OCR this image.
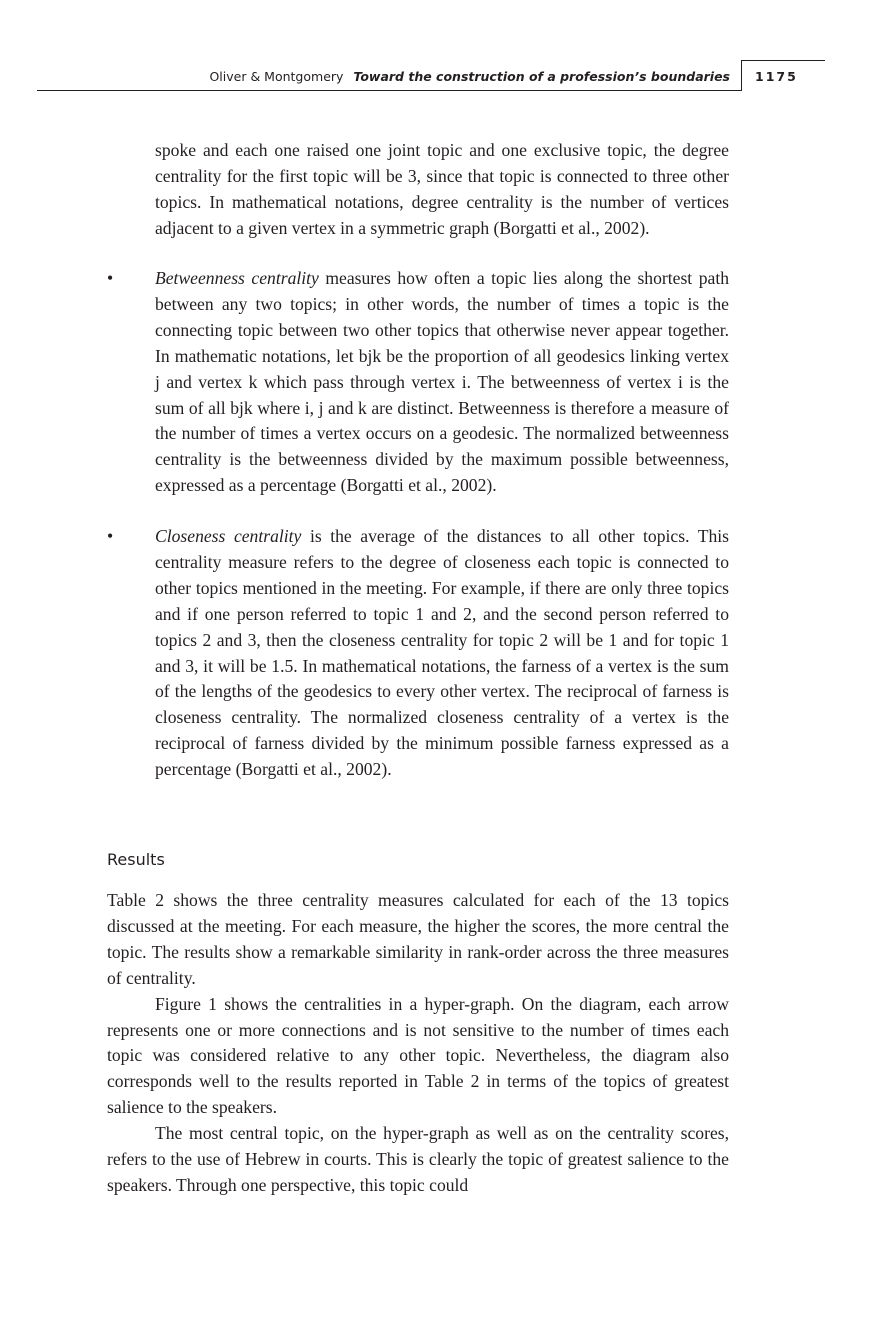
Oliver & Montgomery Toward the construction of a profession’s boundaries 1175
spoke and each one raised one joint topic and one exclusive topic, the degree centrality for the first topic will be 3, since that topic is connected to three other topics. In mathematical notations, degree centrality is the number of vertices adjacent to a given vertex in a symmetric graph (Borgatti et al., 2002).
•	Betweenness centrality measures how often a topic lies along the shortest path between any two topics; in other words, the number of times a topic is the connecting topic between two other topics that otherwise never appear together. In mathematic notations, let bjk be the proportion of all geodesics linking vertex j and vertex k which pass through vertex i. The betweenness of vertex i is the sum of all bjk where i, j and k are distinct. Betweenness is therefore a measure of the number of times a vertex occurs on a geodesic. The normalized betweenness centrality is the betweenness divided by the maximum possible betweenness, expressed as a percentage (Borgatti et al., 2002).
•	Closeness centrality is the average of the distances to all other topics. This centrality measure refers to the degree of closeness each topic is connected to other topics mentioned in the meeting. For example, if there are only three topics and if one person referred to topic 1 and 2, and the second person referred to topics 2 and 3, then the closeness centrality for topic 2 will be 1 and for topic 1 and 3, it will be 1.5. In mathematical notations, the farness of a vertex is the sum of the lengths of the geodesics to every other vertex. The reciprocal of farness is closeness centrality. The normalized closeness centrality of a vertex is the reciprocal of farness divided by the minimum possible farness expressed as a percentage (Borgatti et al., 2002).
Results

Table 2 shows the three centrality measures calculated for each of the 13 topics discussed at the meeting. For each measure, the higher the scores, the more central the topic. The results show a remarkable similarity in rank-order across the three measures of centrality.

Figure 1 shows the centralities in a hyper-graph. On the diagram, each arrow represents one or more connections and is not sensitive to the number of times each topic was considered relative to any other topic. Nevertheless, the diagram also corresponds well to the results reported in Table 2 in terms of the topics of greatest salience to the speakers.

The most central topic, on the hyper-graph as well as on the centrality scores, refers to the use of Hebrew in courts. This is clearly the topic of greatest salience to the speakers. Through one perspective, this topic could
